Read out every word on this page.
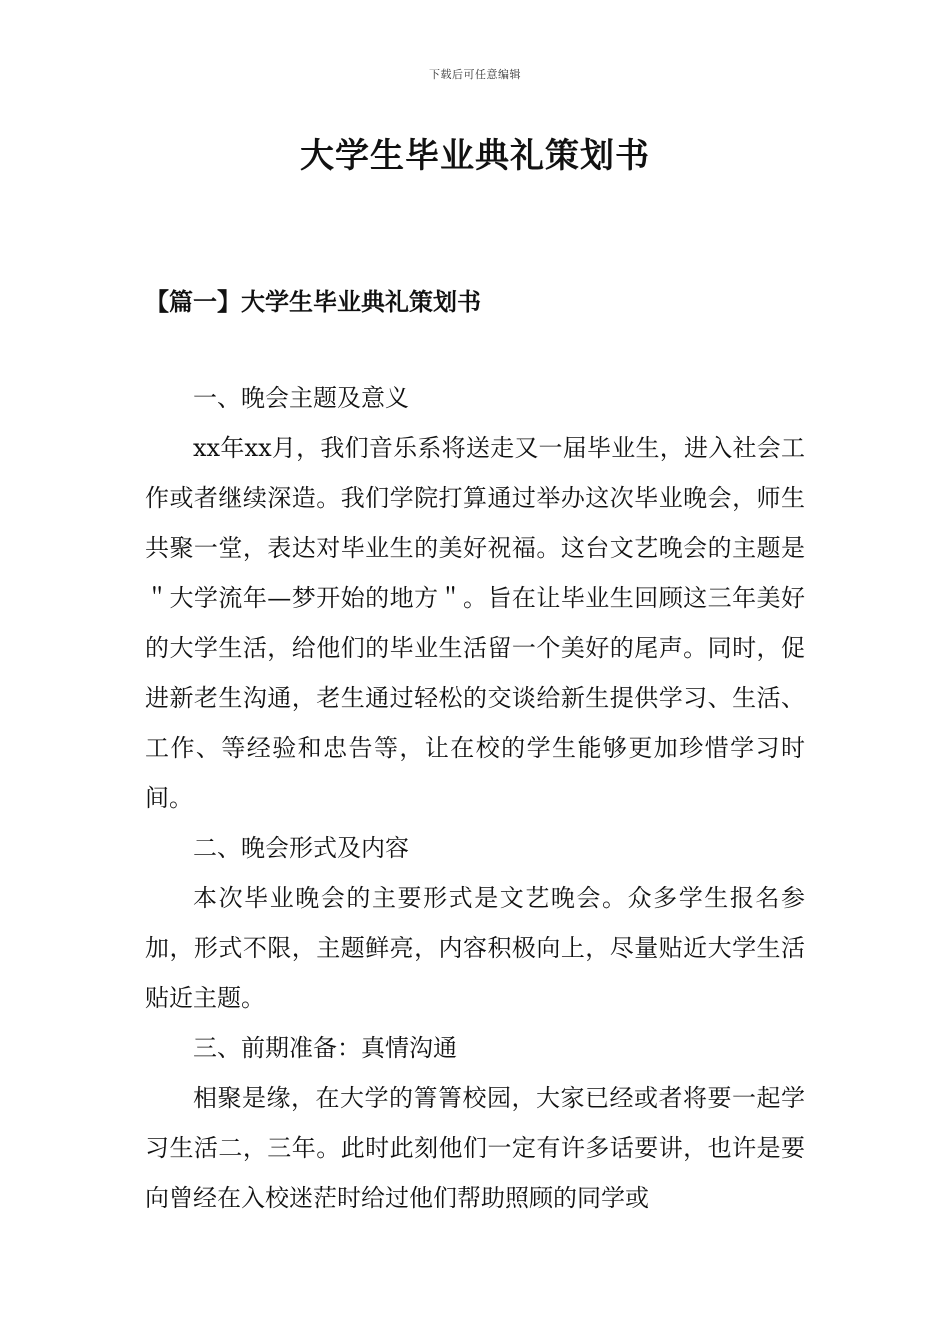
下载后可任意编辑
大学生毕业典礼策划书
【篇一】大学生毕业典礼策划书

一、晚会主题及意义

xx年xx月，我们音乐系将送走又一届毕业生，进入社会工作或者继续深造。我们学院打算通过举办这次毕业晚会，师生共聚一堂，表达对毕业生的美好祝福。这台文艺晚会的主题是＂大学流年—梦开始的地方＂。旨在让毕业生回顾这三年美好的大学生活，给他们的毕业生活留一个美好的尾声。同时，促进新老生沟通，老生通过轻松的交谈给新生提供学习、生活、工作、等经验和忠告等，让在校的学生能够更加珍惜学习时间。

二、晚会形式及内容

本次毕业晚会的主要形式是文艺晚会。众多学生报名参加，形式不限，主题鲜亮，内容积极向上，尽量贴近大学生活贴近主题。

三、前期准备：真情沟通

相聚是缘，在大学的箐箐校园，大家已经或者将要一起学习生活二，三年。此时此刻他们一定有许多话要讲，也许是要向曾经在入校迷茫时给过他们帮助照顾的同学或
